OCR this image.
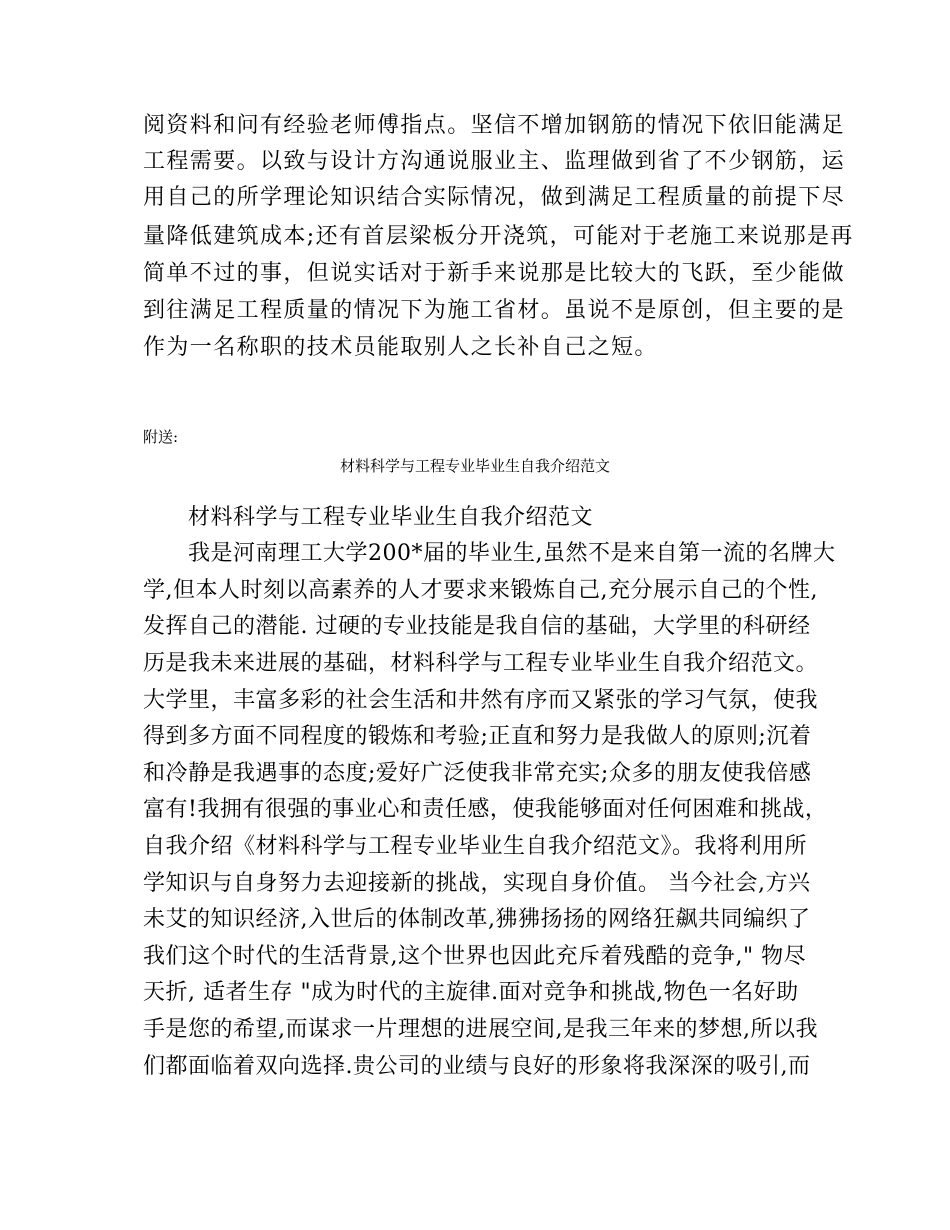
阅资料和问有经验老师傅指点。坚信不增加钢筋的情况下依旧能满足
工程需要。以致与设计方沟通说服业主、监理做到省了不少钢筋，运
用自己的所学理论知识结合实际情况，做到满足工程质量的前提下尽
量降低建筑成本;还有首层梁板分开浇筑，可能对于老施工来说那是再
简单不过的事，但说实话对于新手来说那是比较大的飞跃，至少能做
到往满足工程质量的情况下为施工省材。虽说不是原创，但主要的是
作为一名称职的技术员能取别人之长补自己之短。
附送:
材料科学与工程专业毕业生自我介绍范文
　　材料科学与工程专业毕业生自我介绍范文
　　我是河南理工大学200*届的毕业生,虽然不是来自第一流的名牌大
学,但本人时刻以高素养的人才要求来锻炼自己,充分展示自己的个性,
发挥自己的潜能. 过硬的专业技能是我自信的基础，大学里的科研经
历是我未来进展的基础，材料科学与工程专业毕业生自我介绍范文。
大学里，丰富多彩的社会生活和井然有序而又紧张的学习气氛，使我
得到多方面不同程度的锻炼和考验;正直和努力是我做人的原则;沉着
和冷静是我遇事的态度;爱好广泛使我非常充实;众多的朋友使我倍感
富有!我拥有很强的事业心和责任感，使我能够面对任何困难和挑战，
自我介绍《材料科学与工程专业毕业生自我介绍范文》。我将利用所
学知识与自身努力去迎接新的挑战，实现自身价值。 当今社会,方兴
未艾的知识经济,入世后的体制改革,狒狒扬扬的网络狂飙共同编织了
我们这个时代的生活背景,这个世界也因此充斥着残酷的竞争," 物尽
天折, 适者生存 "成为时代的主旋律.面对竞争和挑战,物色一名好助
手是您的希望,而谋求一片理想的进展空间,是我三年来的梦想,所以我
们都面临着双向选择.贵公司的业绩与良好的形象将我深深的吸引,而
